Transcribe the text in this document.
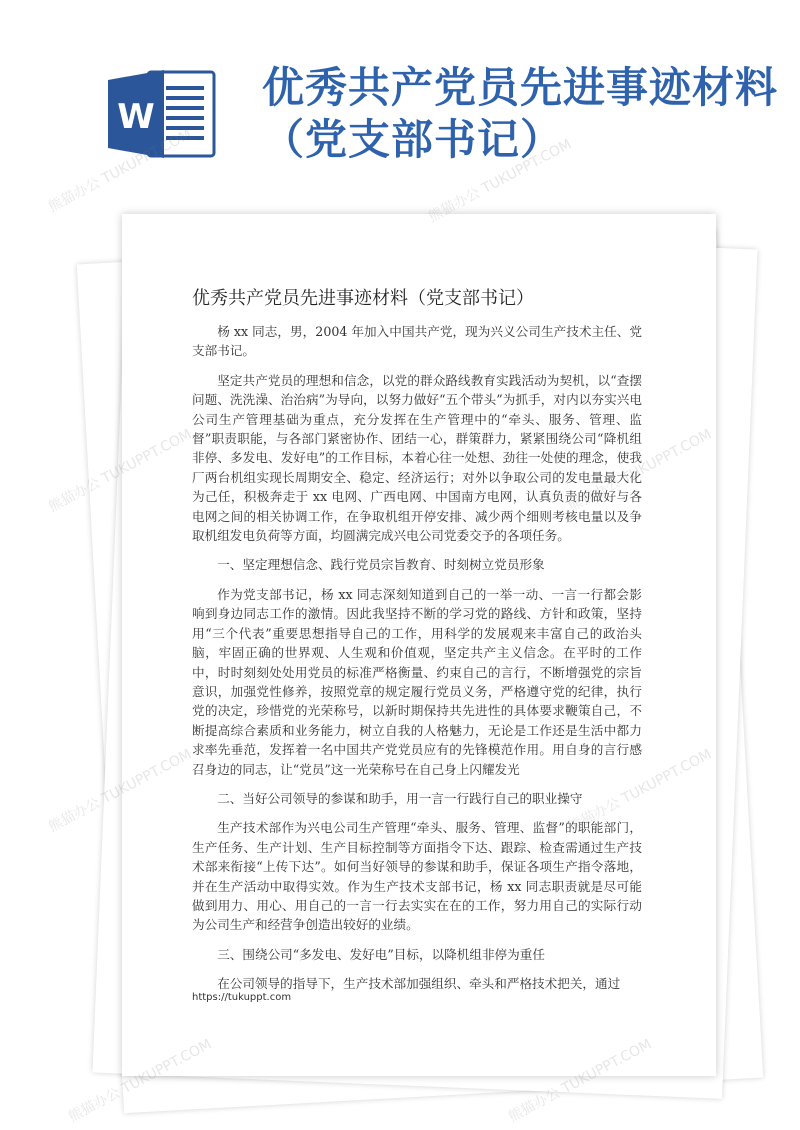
W
优秀共产党员先进事迹材料（党支部书记）
优秀共产党员先进事迹材料（党支部书记）

杨 xx 同志，男，2004 年加入中国共产党，现为兴义公司生产技术主任、党支部书记。

坚定共产党员的理想和信念，以党的群众路线教育实践活动为契机，以“查摆问题、洗洗澡、治治病”为导向，以努力做好“五个带头”为抓手，对内以夯实兴电公司生产管理基础为重点，充分发挥在生产管理中的“牵头、服务、管理、监督”职责职能，与各部门紧密协作、团结一心，群策群力，紧紧围绕公司“降机组非停、多发电、发好电”的工作目标，本着心往一处想、劲往一处使的理念，使我厂两台机组实现长周期安全、稳定、经济运行；对外以争取公司的发电量最大化为己任，积极奔走于 xx 电网、广西电网、中国南方电网，认真负责的做好与各电网之间的相关协调工作，在争取机组开停安排、减少两个细则考核电量以及争取机组发电负荷等方面，均圆满完成兴电公司党委交予的各项任务。

一、坚定理想信念、践行党员宗旨教育、时刻树立党员形象

作为党支部书记，杨 xx 同志深刻知道到自己的一举一动、一言一行都会影响到身边同志工作的激情。因此我坚持不断的学习党的路线、方针和政策，坚持用“三个代表”重要思想指导自己的工作，用科学的发展观来丰富自己的政治头脑，牢固正确的世界观、人生观和价值观，坚定共产主义信念。在平时的工作中，时时刻刻处处用党员的标准严格衡量、约束自己的言行，不断增强党的宗旨意识，加强党性修养，按照党章的规定履行党员义务，严格遵守党的纪律，执行党的决定，珍惜党的光荣称号，以新时期保持共先进性的具体要求鞭策自己，不断提高综合素质和业务能力，树立自我的人格魅力，无论是工作还是生活中都力求率先垂范，发挥着一名中国共产党党员应有的先锋模范作用。用自身的言行感召身边的同志，让“党员”这一光荣称号在自己身上闪耀发光

二、当好公司领导的参谋和助手，用一言一行践行自己的职业操守

生产技术部作为兴电公司生产管理“牵头、服务、管理、监督”的职能部门，生产任务、生产计划、生产目标控制等方面指令下达、跟踪、检查需通过生产技术部来衔接“上传下达”。如何当好领导的参谋和助手，保证各项生产指令落地，并在生产活动中取得实效。作为生产技术支部书记，杨 xx 同志职责就是尽可能做到用力、用心、用自己的一言一行去实实在在的工作，努力用自己的实际行动为公司生产和经营争创造出较好的业绩。

三、围绕公司“多发电、发好电”目标，以降机组非停为重任

在公司领导的指导下，生产技术部加强组织、牵头和严格技术把关，通过

https://tukuppt.com
熊猫办公 TUKUPPT.COM	熊猫办公 TUKUPPT.COM
熊猫办公
熊猫办公
熊猫办公
